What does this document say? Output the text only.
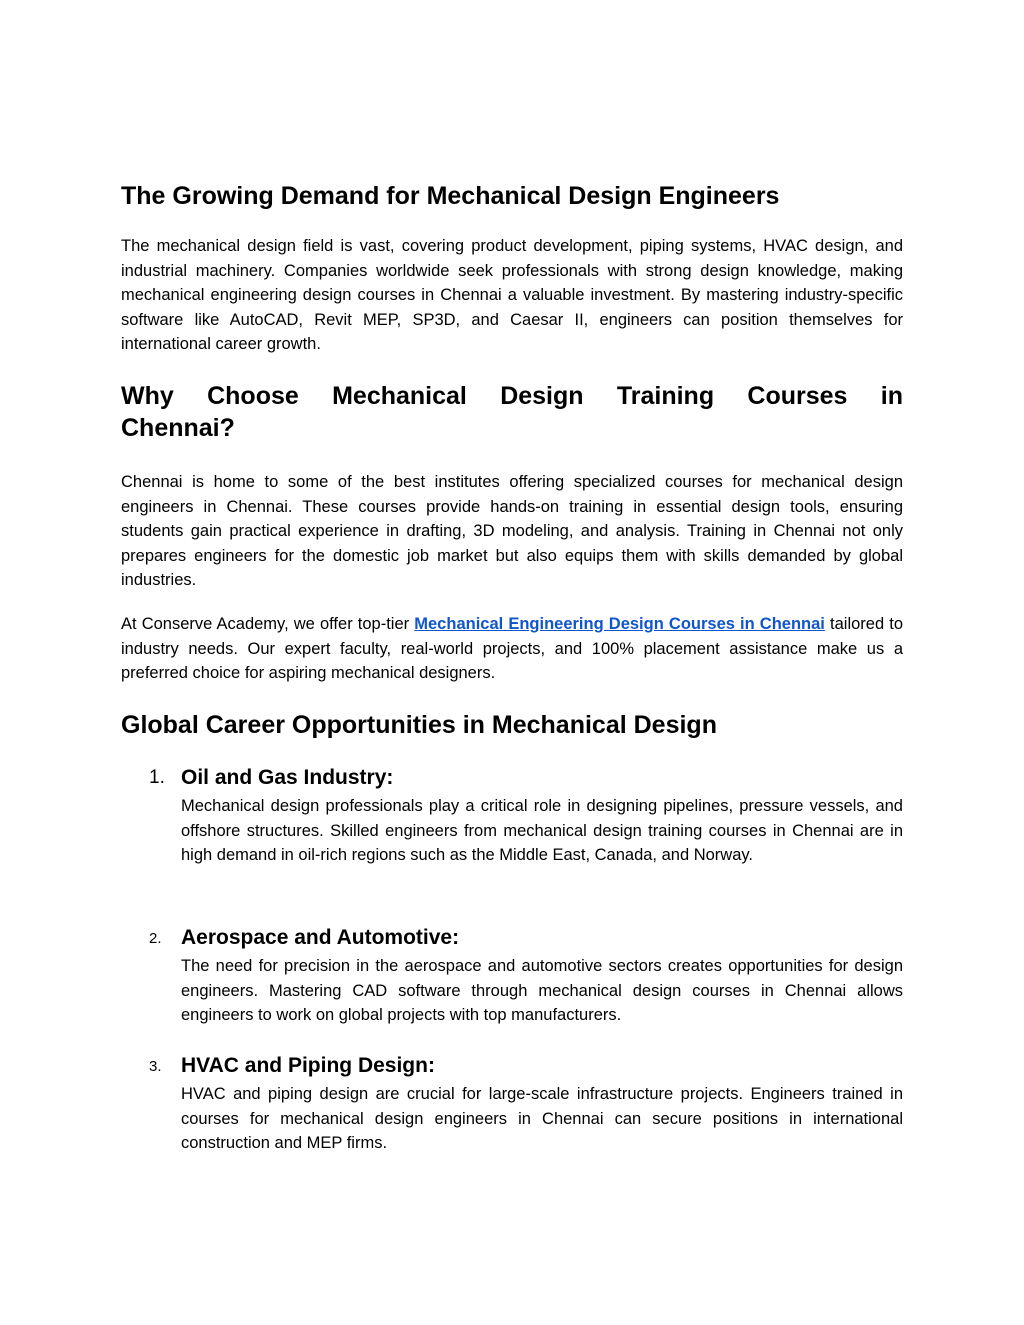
The Growing Demand for Mechanical Design Engineers

The mechanical design field is vast, covering product development, piping systems, HVAC design, and industrial machinery. Companies worldwide seek professionals with strong design knowledge, making mechanical engineering design courses in Chennai a valuable investment. By mastering industry-specific software like AutoCAD, Revit MEP, SP3D, and Caesar II, engineers can position themselves for international career growth.

Why Choose Mechanical Design Training Courses in
Chennai?

Chennai is home to some of the best institutes offering specialized courses for mechanical design engineers in Chennai. These courses provide hands-on training in essential design tools, ensuring students gain practical experience in drafting, 3D modeling, and analysis. Training in Chennai not only prepares engineers for the domestic job market but also equips them with skills demanded by global industries.

At Conserve Academy, we offer top-tier Mechanical Engineering Design Courses in Chennai tailored to industry needs. Our expert faculty, real-world projects, and 100% placement assistance make us a preferred choice for aspiring mechanical designers.

Global Career Opportunities in Mechanical Design
1. Oil and Gas Industry:

Mechanical design professionals play a critical role in designing pipelines, pressure vessels, and offshore structures. Skilled engineers from mechanical design training courses in Chennai are in high demand in oil-rich regions such as the Middle East, Canada, and Norway.

2. Aerospace and Automotive:

The need for precision in the aerospace and automotive sectors creates opportunities for design engineers. Mastering CAD software through mechanical design courses in Chennai allows engineers to work on global projects with top manufacturers.

3. HVAC and Piping Design:

HVAC and piping design are crucial for large-scale infrastructure projects. Engineers trained in courses for mechanical design engineers in Chennai can secure positions in international construction and MEP firms.
